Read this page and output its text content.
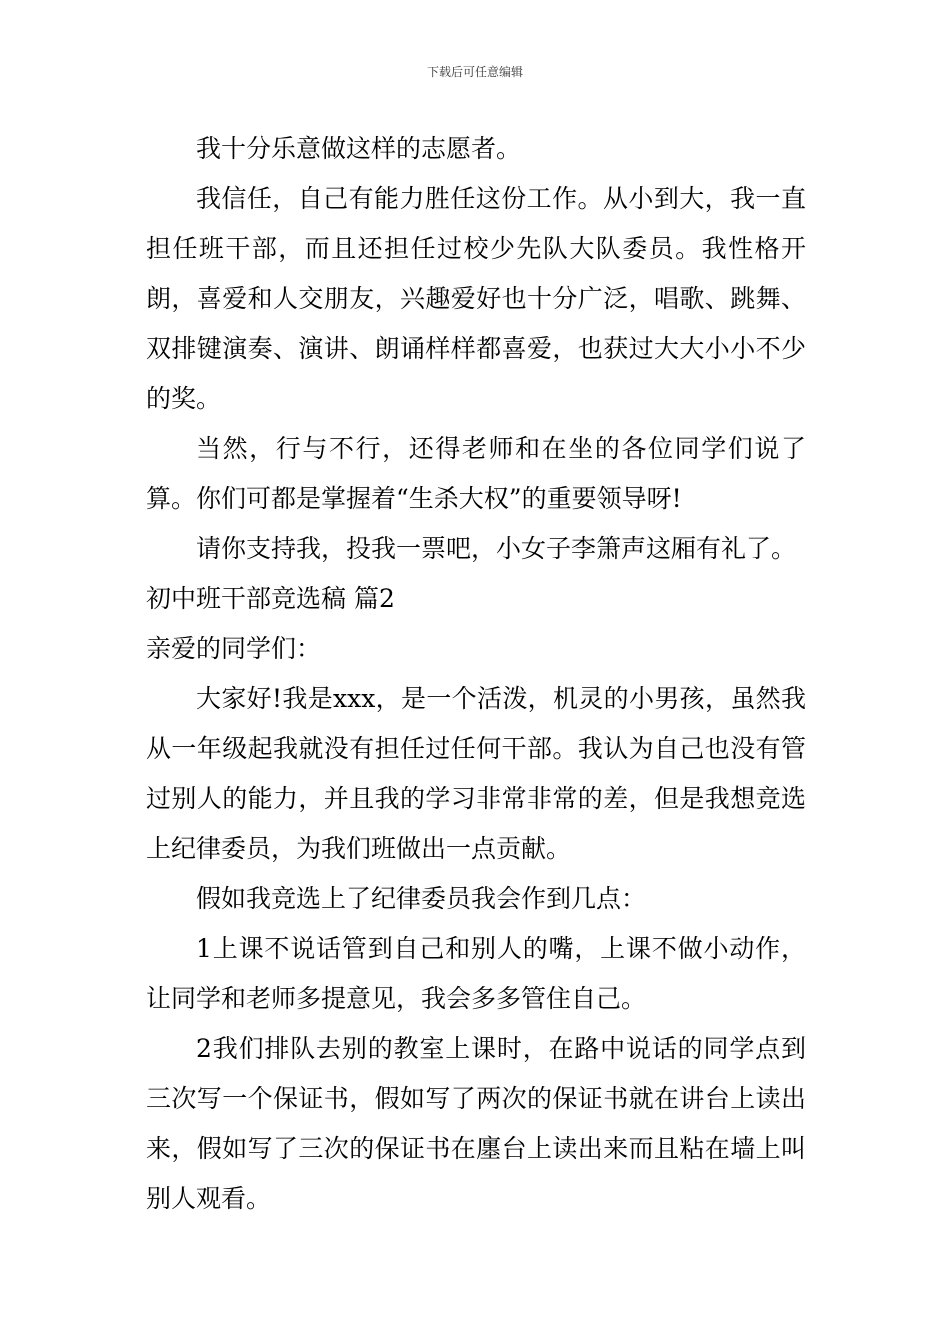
下载后可任意编辑

我十分乐意做这样的志愿者。

我信任，自己有能力胜任这份工作。从小到大，我一直担任班干部，而且还担任过校少先队大队委员。我性格开朗，喜爱和人交朋友，兴趣爱好也十分广泛，唱歌、跳舞、双排键演奏、演讲、朗诵样样都喜爱，也获过大大小小不少的奖。

当然，行与不行，还得老师和在坐的各位同学们说了算。你们可都是掌握着“生杀大权”的重要领导呀!

请你支持我，投我一票吧，小女子李箫声这厢有礼了。

初中班干部竞选稿 篇2

亲爱的同学们：

大家好!我是xxx，是一个活泼，机灵的小男孩，虽然我从一年级起我就没有担任过任何干部。我认为自己也没有管过别人的能力，并且我的学习非常非常的差，但是我想竞选上纪律委员，为我们班做出一点贡献。

假如我竞选上了纪律委员我会作到几点：

1上课不说话管到自己和别人的嘴，上课不做小动作，让同学和老师多提意见，我会多多管住自己。

2我们排队去别的教室上课时，在路中说话的同学点到三次写一个保证书，假如写了两次的保证书就在讲台上读出来，假如写了三次的保证书在廛台上读出来而且粘在墙上叫别人观看。
